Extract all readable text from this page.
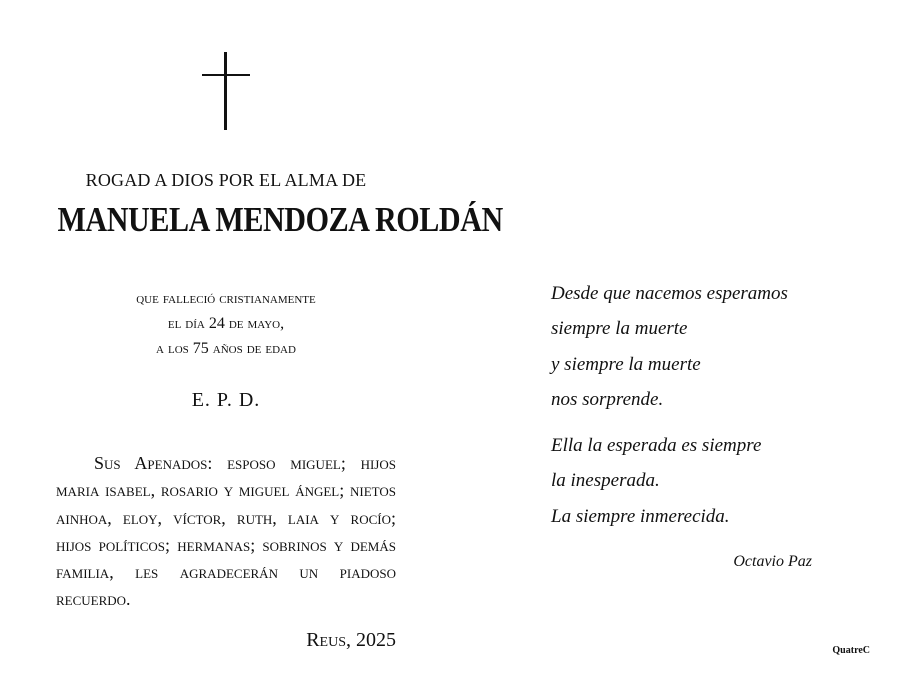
ROGAD A DIOS POR EL ALMA DE
MANUELA MENDOZA ROLDÁN
que falleció cristianamente
el día 24 de mayo,
a los 75 años de edad
E. P. D.
Sus Apenados: esposo miguel; hijos maria isabel, rosario y miguel ángel; nietos ainhoa, eloy, víctor, ruth, laia y rocío; hijos políticos; hermanas; sobrinos y demás familia, les agradecerán un piadoso recuerdo.
Reus, 2025
Desde que nacemos esperamos
siempre la muerte
y siempre la muerte
nos sorprende.
Ella la esperada es siempre
la inesperada.
La siempre inmerecida.
Octavio Paz
QuatreC
